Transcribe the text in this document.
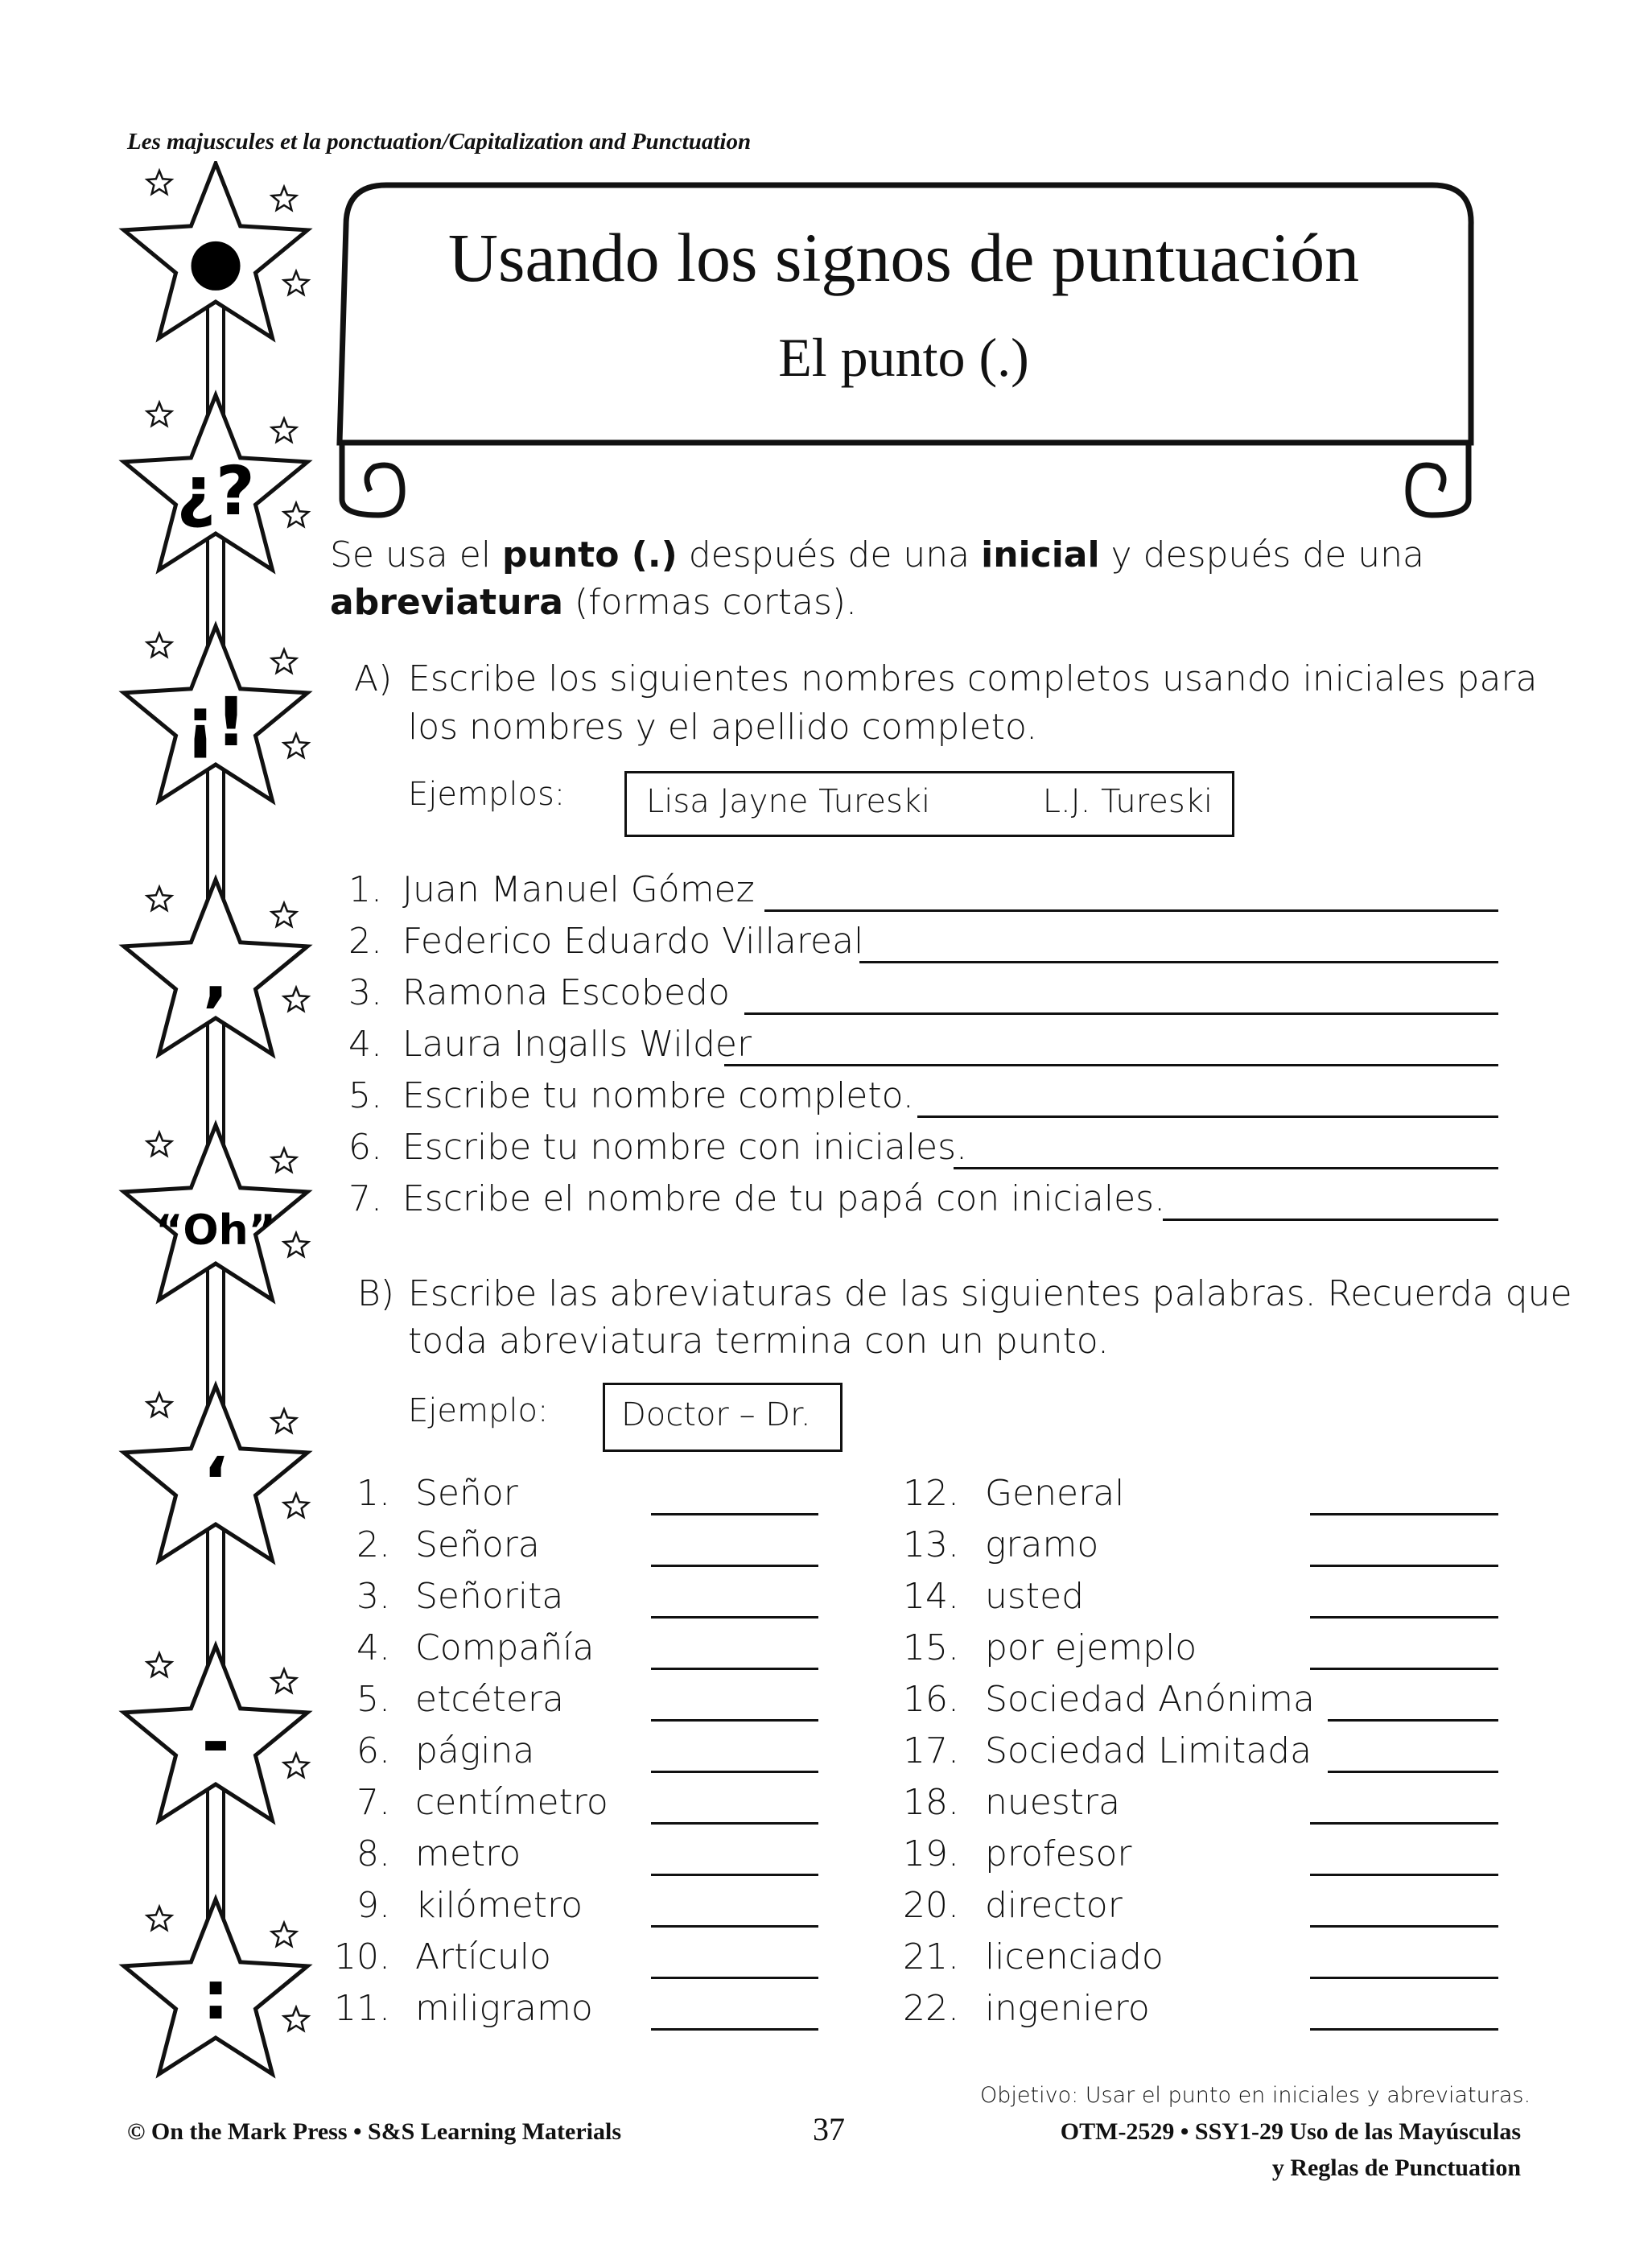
Les majuscules et la ponctuation/Capitalization and Punctuation
●
¿?
¡!
,
“Oh”
‘
-
:
Usando los signos de puntuación
El punto (.)
Se usa el punto (.) después de una inicial y después de una
abreviatura (formas cortas).
A) Escribe los siguientes nombres completos usando iniciales para
los nombres y el apellido completo.
Ejemplos:	Lisa Jayne Tureski	L.J. Tureski
1. Juan Manuel Gómez
2. Federico Eduardo Villareal
3. Ramona Escobedo
4. Laura Ingalls Wilder
5. Escribe tu nombre completo.
6. Escribe tu nombre con iniciales.
7. Escribe el nombre de tu papá con iniciales.
B) Escribe las abreviaturas de las siguientes palabras. Recuerda que
toda abreviatura termina con un punto.
Ejemplo: Doctor – Dr.
1. Señor
2. Señora
3. Señorita
4. Compañía
5. etcétera
6. página
7. centímetro
8. metro
9. kilómetro
10. Artículo
11. miligramo
12. General
13. gramo
14. usted
15. por ejemplo
16. Sociedad Anónima
17. Sociedad Limitada
18. nuestra
19. profesor
20. director
21. licenciado
22. ingeniero
Objetivo: Usar el punto en iniciales y abreviaturas.
© On the Mark Press • S&S Learning Materials	37	OTM-2529 • SSY1-29 Uso de las Mayúsculas
y Reglas de Punctuation
